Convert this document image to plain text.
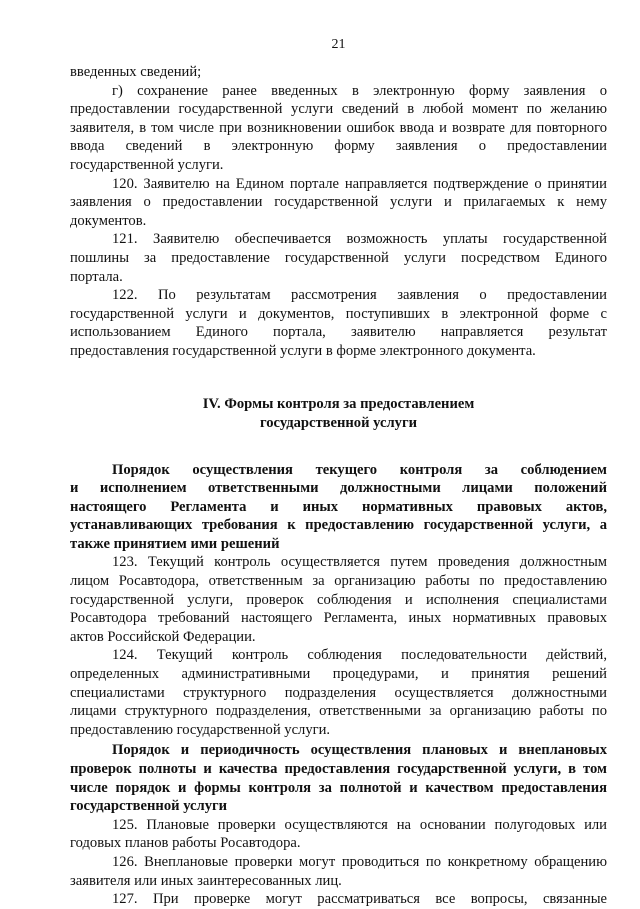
21
введенных сведений;
г) сохранение ранее введенных в электронную форму заявления о
предоставлении государственной услуги сведений в любой момент по желанию
заявителя, в том числе при возникновении ошибок ввода и возврате для повторного
ввода сведений в электронную форму заявления о предоставлении
государственной услуги.
120. Заявителю на Едином портале направляется подтверждение о принятии
заявления о предоставлении государственной услуги и прилагаемых к нему
документов.
121. Заявителю обеспечивается возможность уплаты государственной
пошлины за предоставление государственной услуги посредством Единого
портала.
122. По результатам рассмотрения заявления о предоставлении
государственной услуги и документов, поступивших в электронной форме с
использованием Единого портала, заявителю направляется результат
предоставления государственной услуги в форме электронного документа.
IV. Формы контроля за предоставлением
государственной услуги
Порядок осуществления текущего контроля за соблюдением
и исполнением ответственными должностными лицами положений
настоящего Регламента и иных нормативных правовых актов,
устанавливающих требования к предоставлению государственной услуги, а
также принятием ими решений
123. Текущий контроль осуществляется путем проведения должностным
лицом Росавтодора, ответственным за организацию работы по предоставлению
государственной услуги, проверок соблюдения и исполнения специалистами
Росавтодора требований настоящего Регламента, иных нормативных правовых
актов Российской Федерации.
124. Текущий контроль соблюдения последовательности действий,
определенных административными процедурами, и принятия решений
специалистами структурного подразделения осуществляется должностными
лицами структурного подразделения, ответственными за организацию работы по
предоставлению государственной услуги.
Порядок и периодичность осуществления плановых и внеплановых
проверок полноты и качества предоставления государственной услуги, в том
числе порядок и формы контроля за полнотой и качеством предоставления
государственной услуги
125. Плановые проверки осуществляются на основании полугодовых или
годовых планов работы Росавтодора.
126. Внеплановые проверки могут проводиться по конкретному обращению
заявителя или иных заинтересованных лиц.
127. При проверке могут рассматриваться все вопросы, связанные
